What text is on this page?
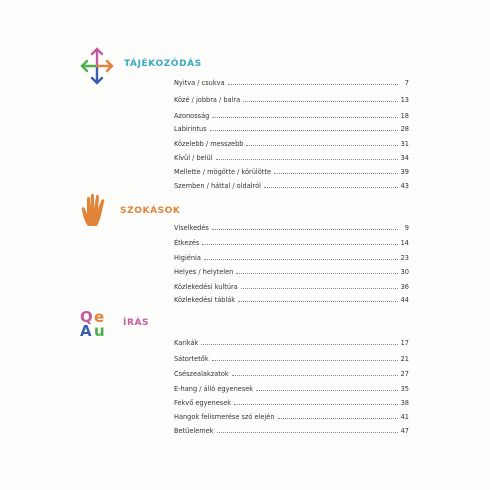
TÁJÉKOZÓDÁS
Nyitva / csukva	7
Közé / jobbra / balra	13
Azonosság	18
Labirintus	28
Közelebb / messzebb	31
Kívül / belül	34
Mellette / mögötte / körülötte	39
Szemben / háttal / oldalról	43
SZOKÁSOK
Viselkedés	9
Étkezés	14
Higiénia	23
Helyes / helytelen	30
Közlekedési kultúra	36
Közlekedési táblák	44
Q e
A u ÍRÁS
Karikák	17
Sátortetők	21
Csészealakzatok	27
E-hang / álló egyenesek	35
Fekvő egyenesek	38
Hangok felismerése szó elején	41
Betűelemek	47
